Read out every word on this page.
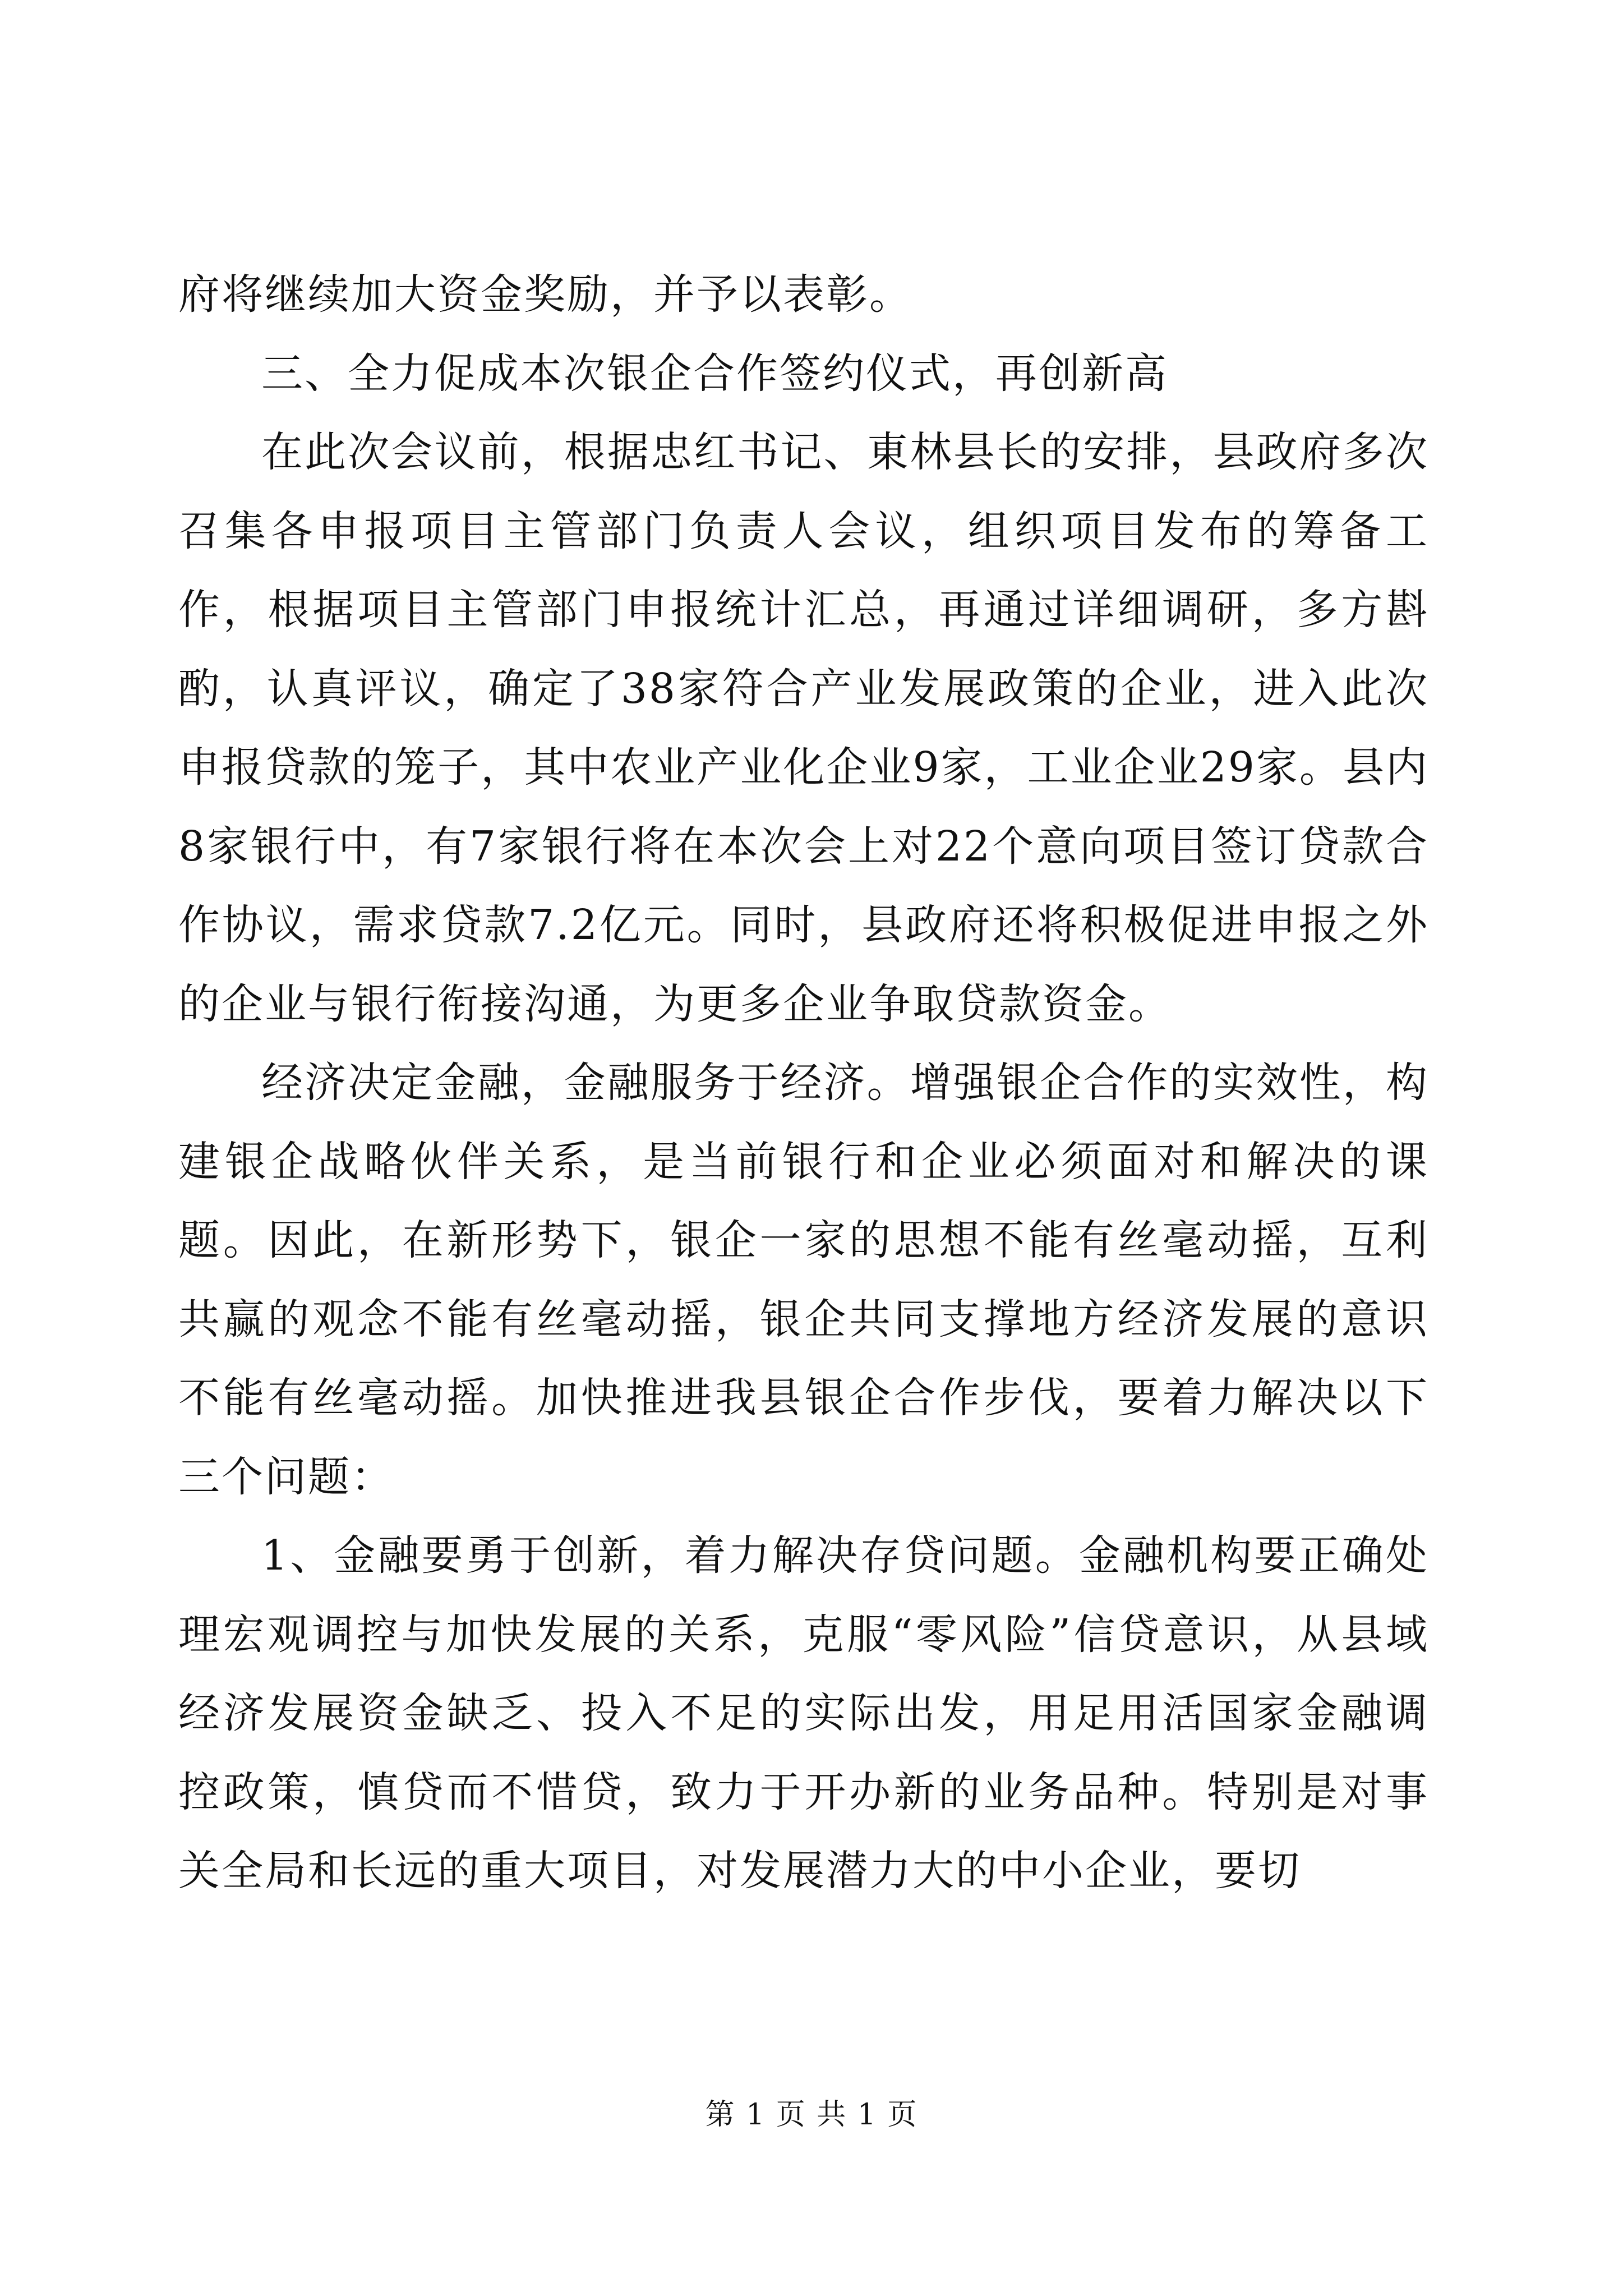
府将继续加大资金奖励，并予以表彰。

三、全力促成本次银企合作签约仪式，再创新高

在此次会议前，根据忠红书记、東林县长的安排，县政府多次召集各申报项目主管部门负责人会议，组织项目发布的筹备工作，根据项目主管部门申报统计汇总，再通过详细调研，多方斟酌，认真评议，确定了38家符合产业发展政策的企业，进入此次申报贷款的笼子，其中农业产业化企业9家，工业企业29家。县内8家银行中，有7家银行将在本次会上对22个意向项目签订贷款合作协议，需求贷款7.2亿元。同时，县政府还将积极促进申报之外的企业与银行衔接沟通，为更多企业争取贷款资金。

经济决定金融，金融服务于经济。增强银企合作的实效性，构建银企战略伙伴关系，是当前银行和企业必须面对和解决的课题。因此，在新形势下，银企一家的思想不能有丝毫动摇，互利共赢的观念不能有丝毫动摇，银企共同支撑地方经济发展的意识不能有丝毫动摇。加快推进我县银企合作步伐，要着力解决以下三个问题：

1、金融要勇于创新，着力解决存贷问题。金融机构要正确处理宏观调控与加快发展的关系，克服“零风险”信贷意识，从县域经济发展资金缺乏、投入不足的实际出发，用足用活国家金融调控政策，慎贷而不惜贷，致力于开办新的业务品种。特别是对事关全局和长远的重大项目，对发展潜力大的中小企业，要切

第 1 页 共 1 页
